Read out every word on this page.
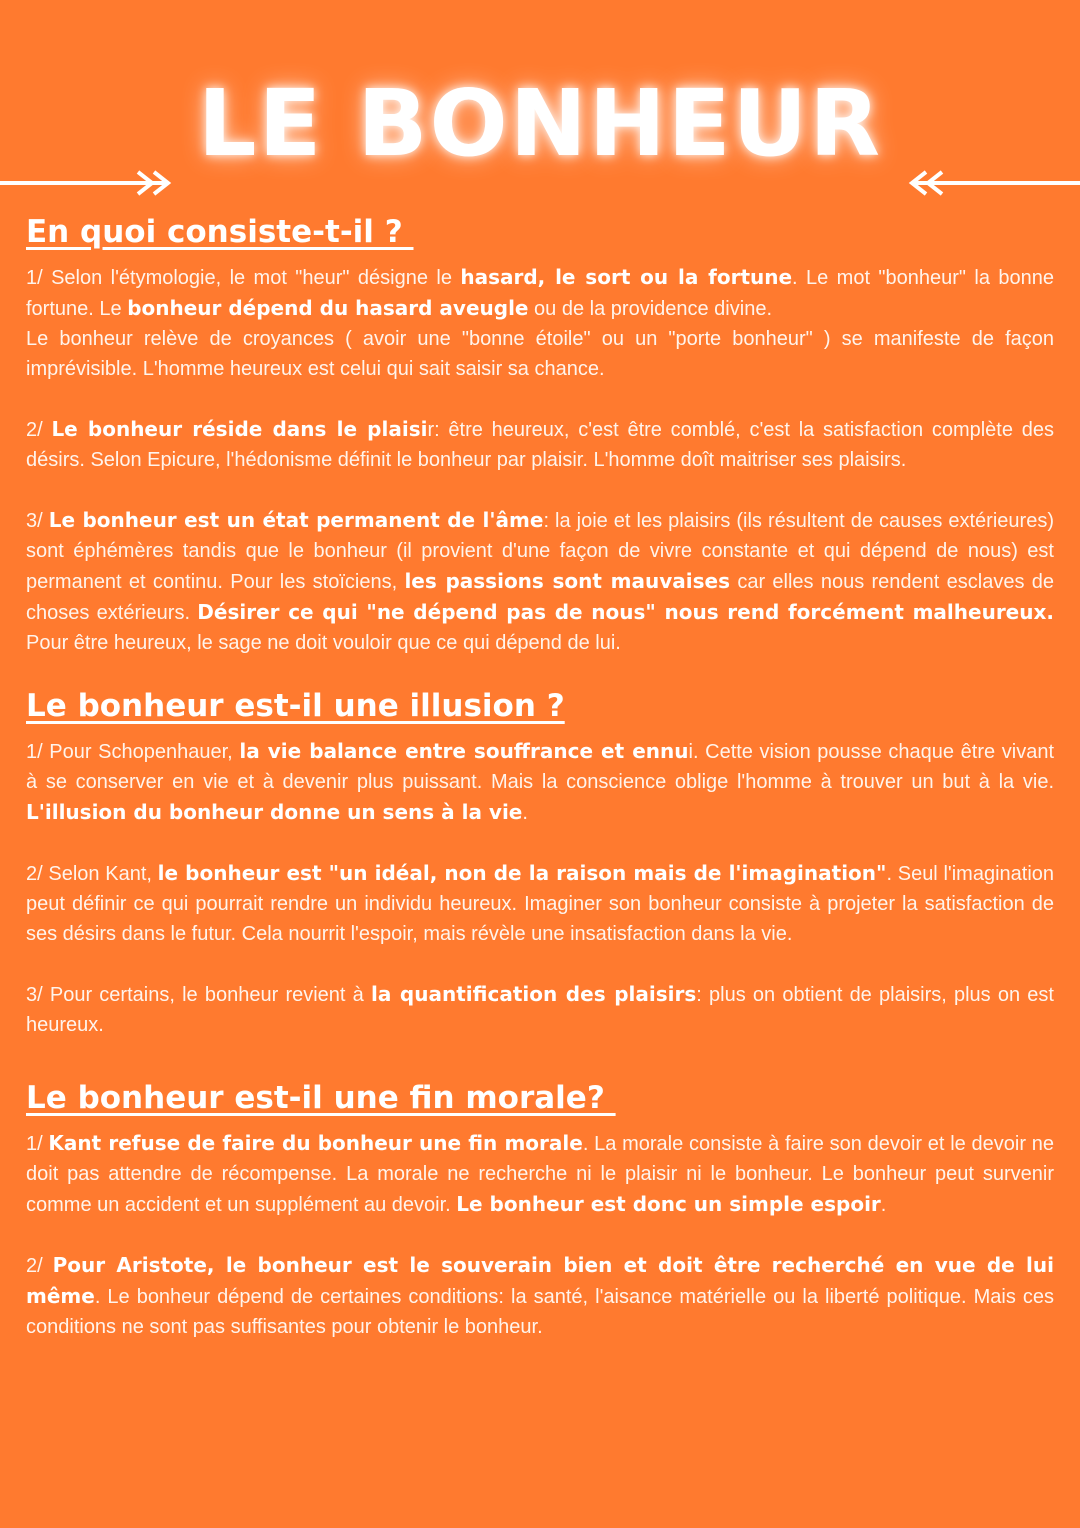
LE BONHEUR
En quoi consiste-t-il ?

1/ Selon l'étymologie, le mot "heur" désigne le hasard, le sort ou la fortune. Le mot "bonheur" la bonne fortune. Le bonheur dépend du hasard aveugle ou de la providence divine.
Le bonheur relève de croyances ( avoir une "bonne étoile" ou un "porte bonheur" ) se manifeste de façon imprévisible. L'homme heureux est celui qui sait saisir sa chance.

2/ Le bonheur réside dans le plaisir: être heureux, c'est être comblé, c'est la satisfaction complète des désirs. Selon Epicure, l'hédonisme définit le bonheur par plaisir. L'homme doît maitriser ses plaisirs.

3/ Le bonheur est un état permanent de l'âme: la joie et les plaisirs (ils résultent de causes extérieures) sont éphémères tandis que le bonheur (il provient d'une façon de vivre constante et qui dépend de nous) est permanent et continu. Pour les stoïciens, les passions sont mauvaises car elles nous rendent esclaves de choses extérieurs. Désirer ce qui "ne dépend pas de nous" nous rend forcément malheureux. Pour être heureux, le sage ne doit vouloir que ce qui dépend de lui.

Le bonheur est-il une illusion ?

1/ Pour Schopenhauer, la vie balance entre souffrance et ennui. Cette vision pousse chaque être vivant à se conserver en vie et à devenir plus puissant. Mais la conscience oblige l'homme à trouver un but à la vie. L'illusion du bonheur donne un sens à la vie.

2/ Selon Kant, le bonheur est "un idéal, non de la raison mais de l'imagination". Seul l'imagination peut définir ce qui pourrait rendre un individu heureux. Imaginer son bonheur consiste à projeter la satisfaction de ses désirs dans le futur. Cela nourrit l'espoir, mais révèle une insatisfaction dans la vie.

3/ Pour certains, le bonheur revient à la quantification des plaisirs: plus on obtient de plaisirs, plus on est heureux.

Le bonheur est-il une fin morale?

1/ Kant refuse de faire du bonheur une fin morale. La morale consiste à faire son devoir et le devoir ne doit pas attendre de récompense. La morale ne recherche ni le plaisir ni le bonheur. Le bonheur peut survenir comme un accident et un supplément au devoir. Le bonheur est donc un simple espoir.

2/ Pour Aristote, le bonheur est le souverain bien et doit être recherché en vue de lui même. Le bonheur dépend de certaines conditions: la santé, l'aisance matérielle ou la liberté politique. Mais ces conditions ne sont pas suffisantes pour obtenir le bonheur.
